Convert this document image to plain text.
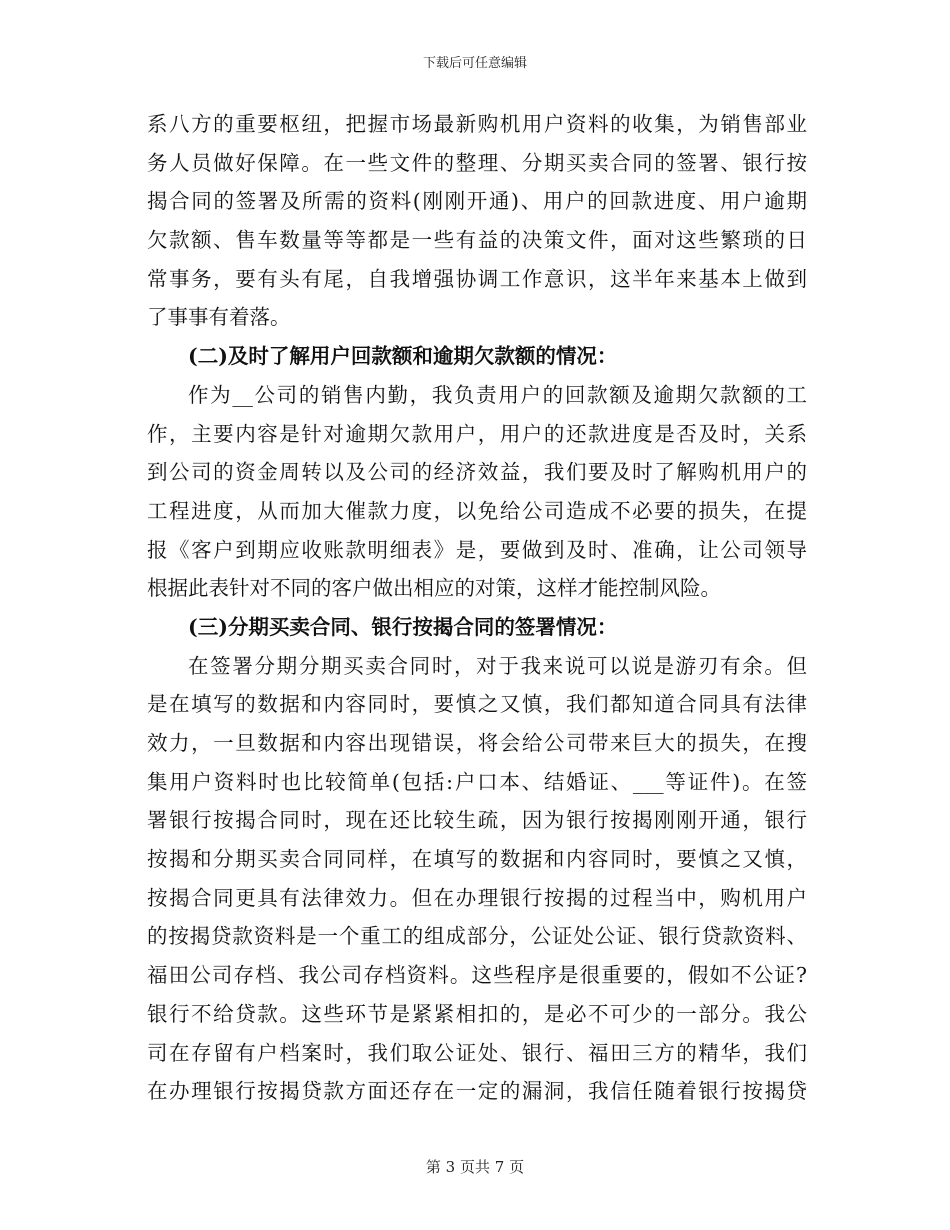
下载后可任意编辑
系八方的重要枢纽，把握市场最新购机用户资料的收集，为销售部业
务人员做好保障。在一些文件的整理、分期买卖合同的签署、银行按
揭合同的签署及所需的资料(刚刚开通)、用户的回款进度、用户逾期
欠款额、售车数量等等都是一些有益的决策文件，面对这些繁琐的日
常事务，要有头有尾，自我增强协调工作意识，这半年来基本上做到
了事事有着落。
(二)及时了解用户回款额和逾期欠款额的情况：
作为__公司的销售内勤，我负责用户的回款额及逾期欠款额的工
作，主要内容是针对逾期欠款用户，用户的还款进度是否及时，关系
到公司的资金周转以及公司的经济效益，我们要及时了解购机用户的
工程进度，从而加大催款力度，以免给公司造成不必要的损失，在提
报《客户到期应收账款明细表》是，要做到及时、准确，让公司领导
根据此表针对不同的客户做出相应的对策，这样才能控制风险。
(三)分期买卖合同、银行按揭合同的签署情况：
在签署分期分期买卖合同时，对于我来说可以说是游刃有余。但
是在填写的数据和内容同时，要慎之又慎，我们都知道合同具有法律
效力，一旦数据和内容出现错误，将会给公司带来巨大的损失，在搜
集用户资料时也比较简单(包括:户口本、结婚证、___等证件)。在签
署银行按揭合同时，现在还比较生疏，因为银行按揭刚刚开通，银行
按揭和分期买卖合同同样，在填写的数据和内容同时，要慎之又慎，
按揭合同更具有法律效力。但在办理银行按揭的过程当中，购机用户
的按揭贷款资料是一个重工的组成部分，公证处公证、银行贷款资料、
福田公司存档、我公司存档资料。这些程序是很重要的，假如不公证?
银行不给贷款。这些环节是紧紧相扣的，是必不可少的一部分。我公
司在存留有户档案时，我们取公证处、银行、福田三方的精华，我们
在办理银行按揭贷款方面还存在一定的漏洞，我信任随着银行按揭贷
第 3 页共 7 页
